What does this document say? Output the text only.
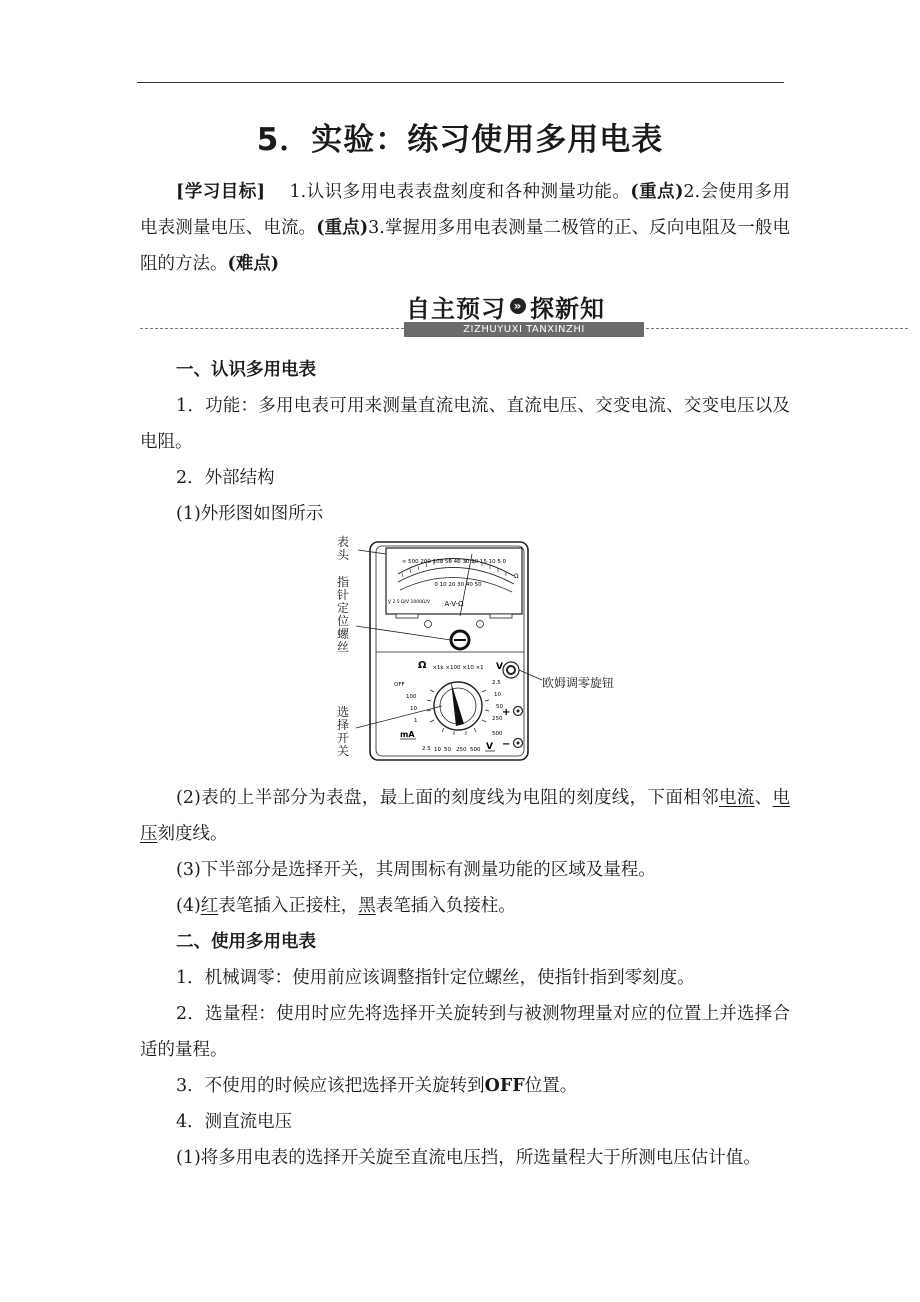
5．实验：练习使用多用电表

[学习目标]　 1.认识多用电表表盘刻度和各种测量功能。(重点)2.会使用多用电表测量电压、电流。(重点)3.掌握用多用电表测量二极管的正、反向电阻及一般电阻的方法。(难点)

自主预习 » 探新知
ZIZHUYUXI TANXINZHI

一、认识多用电表

1．功能：多用电表可用来测量直流电流、直流电压、交变电流、交变电压以及电阻。

2．外部结构

(1)外形图如图所示

A-V-Ω
∞ 500 200 100 50 40 30 20 15 10 5 0
Ω
0 10 20 30 40 50
V̲ 2.5 Ω/V 1000Ω/V
Ω ×1k ×100 ×10 ×1 V
OFF
100
10
1
2.5
10
50
250
500
mA
V
2.5 10 50 250 500
+
−
表头
指针定位螺丝
选择开关
欧姆调零旋钮

(2)表的上半部分为表盘，最上面的刻度线为电阻的刻度线，下面相邻电流、电压刻度线。

(3)下半部分是选择开关，其周围标有测量功能的区域及量程。

(4)红表笔插入正接柱，黑表笔插入负接柱。

二、使用多用电表

1．机械调零：使用前应该调整指针定位螺丝，使指针指到零刻度。

2．选量程：使用时应先将选择开关旋转到与被测物理量对应的位置上并选择合适的量程。

3．不使用的时候应该把选择开关旋转到OFF位置。

4．测直流电压

(1)将多用电表的选择开关旋至直流电压挡，所选量程大于所测电压估计值。
